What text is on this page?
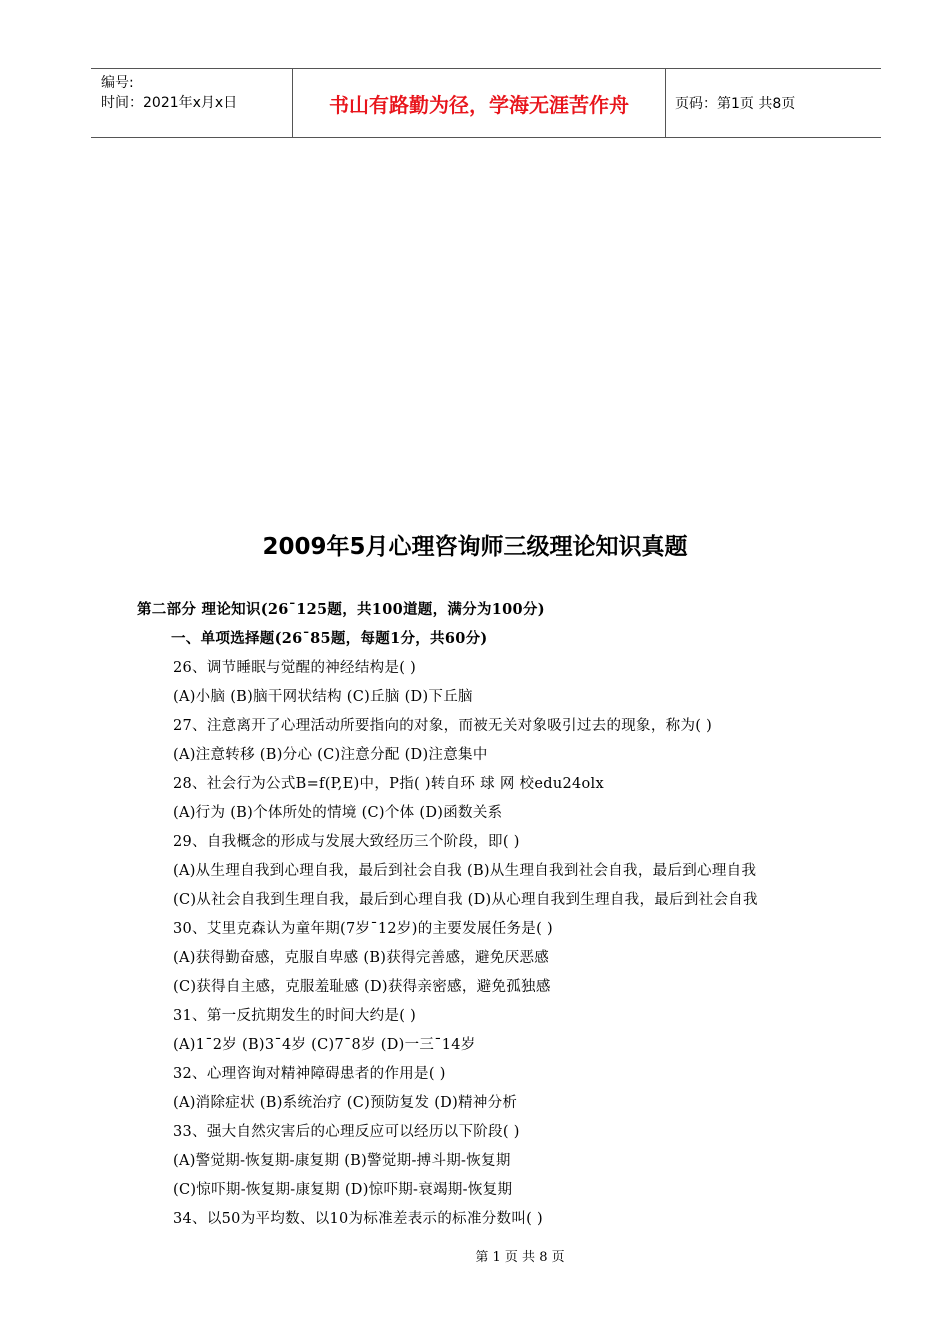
编号:
时间：2021年x月x日	书山有路勤为径，学海无涯苦作舟	页码：第1页 共8页
2009年5月心理咨询师三级理论知识真题
第二部分 理论知识(26¯125题，共100道题，满分为100分)
一、单项选择题(26¯85题，每题1分，共60分)
26、调节睡眠与觉醒的神经结构是( )
(A)小脑 (B)脑干网状结构 (C)丘脑 (D)下丘脑
27、注意离开了心理活动所要指向的对象，而被无关对象吸引过去的现象，称为( )
(A)注意转移 (B)分心 (C)注意分配 (D)注意集中
28、社会行为公式B=f(P,E)中，P指( )转自环 球 网 校edu24olx
(A)行为 (B)个体所处的情境 (C)个体 (D)函数关系
29、自我概念的形成与发展大致经历三个阶段，即( )
(A)从生理自我到心理自我，最后到社会自我 (B)从生理自我到社会自我，最后到心理自我
(C)从社会自我到生理自我，最后到心理自我 (D)从心理自我到生理自我，最后到社会自我
30、艾里克森认为童年期(7岁¯12岁)的主要发展任务是( )
(A)获得勤奋感，克服自卑感 (B)获得完善感，避免厌恶感
(C)获得自主感，克服羞耻感 (D)获得亲密感，避免孤独感
31、第一反抗期发生的时间大约是( )
(A)1¯2岁 (B)3¯4岁 (C)7¯8岁 (D)一三¯14岁
32、心理咨询对精神障碍患者的作用是( )
(A)消除症状 (B)系统治疗 (C)预防复发 (D)精神分析
33、强大自然灾害后的心理反应可以经历以下阶段( )
(A)警觉期-恢复期-康复期 (B)警觉期-搏斗期-恢复期
(C)惊吓期-恢复期-康复期 (D)惊吓期-衰竭期-恢复期
34、以50为平均数、以10为标准差表示的标准分数叫( )
第 1 页 共 8 页
